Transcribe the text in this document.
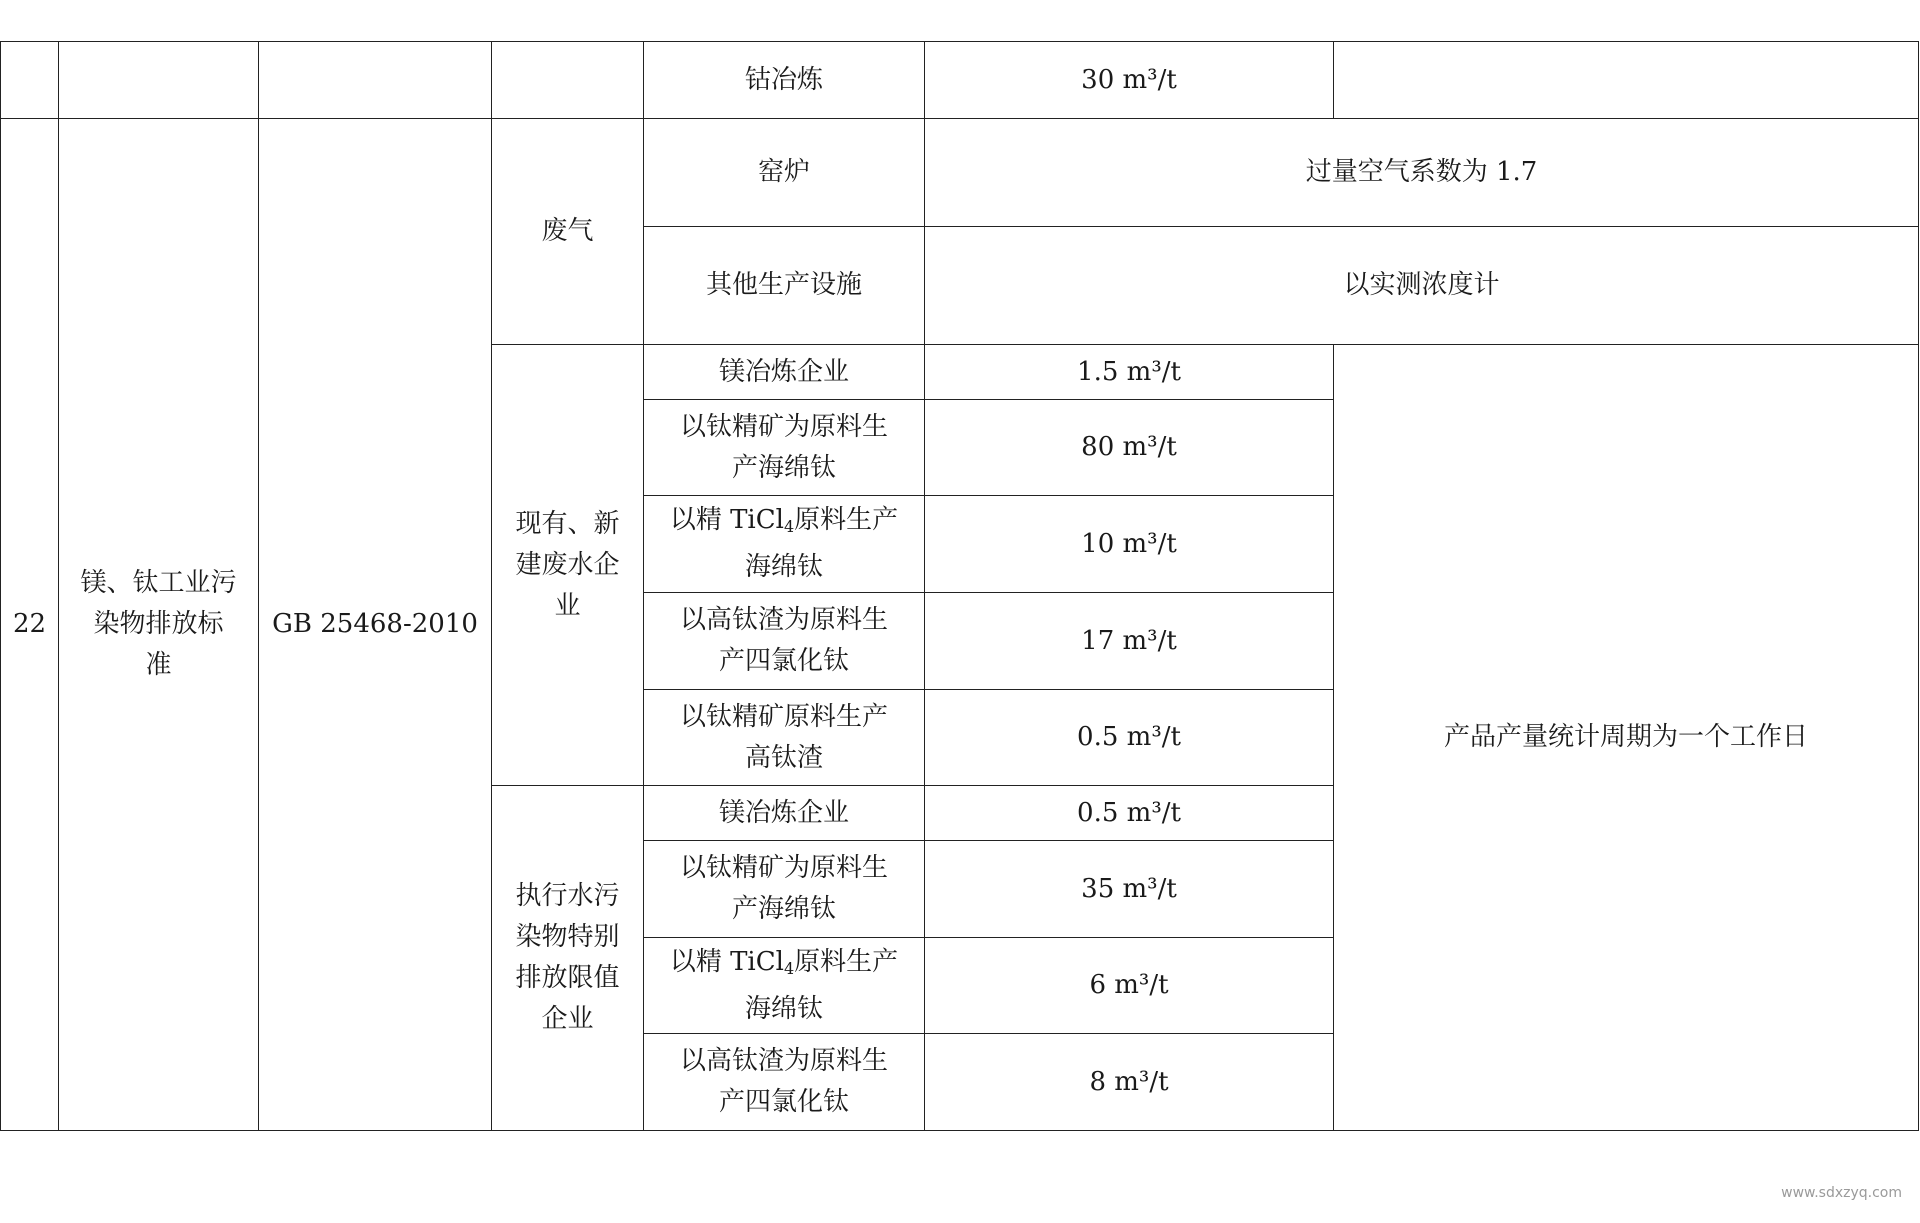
				钴冶炼	30 m³/t	
22	镁、钛工业污
染物排放标
准	GB 25468-2010	废气	窑炉	过量空气系数为 1.7	
				其他生产设施	以实测浓度计	
			现有、新
建废水企
业	镁冶炼企业	1.5 m³/t	产品产量统计周期为一个工作日
				以钛精矿为原料生
产海绵钛	80 m³/t	
				以精 TiCl$_4$原料生产
海绵钛	10 m³/t	
				以高钛渣为原料生
产四氯化钛	17 m³/t	
				以钛精矿原料生产
高钛渣	0.5 m³/t	
			执行水污
染物特别
排放限值
企业	镁冶炼企业	0.5 m³/t	
				以钛精矿为原料生
产海绵钛	35 m³/t	
				以精 TiCl$_4$原料生产
海绵钛	6 m³/t	
				以高钛渣为原料生
产四氯化钛	8 m³/t	
www.sdxzyq.com
